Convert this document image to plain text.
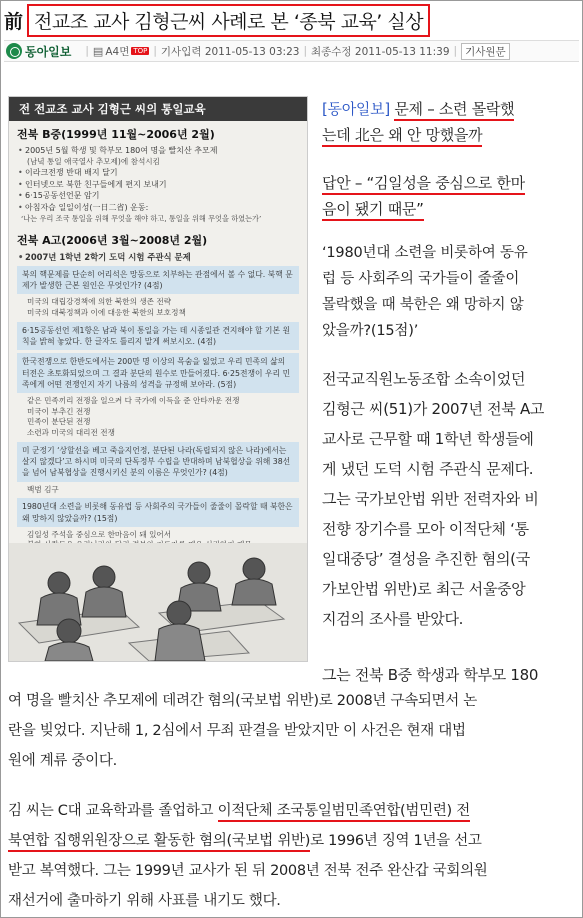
前 전교조 교사 김형근씨 사례로 본 ‘종북 교육’ 실상
동아일보 | ▤ A4면 TOP | 기사입력 2011-05-13 03:23 | 최종수정 2011-05-13 11:39 | 기사원문
전 전교조 교사 김형근 씨의 통일교육
전북 B중(1999년 11월~2006년 2월)
• 2005년 5월 학생 및 학부모 180여 명을 빨치산 추모제
(남녘 통일 애국열사 추모제)에 참석시킴
• 이라크전쟁 반대 배지 달기
• 인터넷으로 북한 친구들에게 편지 보내기
• 6·15공동선언문 암기
• 아침자습 일일이성(一日二省) 운동:
‘나는 우리 조국 통일을 위해 무엇을 해야 하고, 통일을 위해 무엇을 하였는가’
전북 A고(2006년 3월~2008년 2월)
• 2007년 1학년 2학기 도덕 시험 주관식 문제
북의 핵문제를 단순히 어리석은 망동으로 치부하는 관점에서 볼 수 없다. 북핵 문제가 발생한 근본 원인은 무엇인가? (4점)
미국의 대립강경책에 의한 북한의 생존 전략
미국의 대북정책과 이에 대응한 북한의 보호정책
6·15공동선언 제1항은 남과 북이 통일을 가는 데 시종일관 견지해야 할 기본 원칙을 밝혀 놓았다. 한 글자도 틀리지 말게 써보시오. (4점)
한국전쟁으로 한반도에서는 200만 명 이상의 목숨을 잃었고 우리 민족의 삶의 터전은 초토화되었으며 그 결과 분단의 원수로 만들어졌다. 6·25전쟁이 우리 민족에게 어떤 전쟁인지 자기 나름의 성격을 규정해 보아라. (5점)
같은 민족끼리 전쟁을 일으켜 다 국가에 이득을 준 안타까운 전쟁
미국이 부추긴 전쟁
민족이 분단된 전쟁
소련과 미국의 대리전 전쟁
미 군정기 ‘상할선을 베고 죽을지언정, 분단된 나라(독립되지 않은 나라)에서는 살지 않겠다’고 하시며 미국의 단독정부 수립을 반대하며 남북협상을 위해 38선을 넘어 남북협상을 진행시키신 분의 이름은 무엇인가? (4점)
백범 김구
1980년대 소련을 비롯해 동유럽 등 사회주의 국가들이 줄줄이 몰락할 때 북한은 왜 망하지 않았을까? (15점)
김일성 주석을 중심으로 한마음이 돼 있어서
[동아일보] 문제 – 소련 몰락했
는데 北은 왜 안 망했을까
답안 – “김일성을 중심으로 한마
음이 됐기 때문”
‘1980년대 소련을 비롯하여 동유
럽 등 사회주의 국가들이 줄줄이
몰락했을 때 북한은 왜 망하지 않
았을까?(15점)’
전국교직원노동조합 소속이었던
김형근 씨(51)가 2007년 전북 A고
교사로 근무할 때 1학년 학생들에
게 냈던 도덕 시험 주관식 문제다.
그는 국가보안법 위반 전력자와 비
전향 장기수를 모아 이적단체 ‘통
일대중당’ 결성을 추진한 혐의(국
가보안법 위반)로 최근 서울중앙
지검의 조사를 받았다.
그는 전북 B중 학생과 학부모 180
여 명을 빨치산 추모제에 데려간 혐의(국보법 위반)로 2008년 구속되면서 논
란을 빚었다. 지난해 1, 2심에서 무죄 판결을 받았지만 이 사건은 현재 대법
원에 계류 중이다.
김 씨는 C대 교육학과를 졸업하고 이적단체 조국통일범민족연합(범민련) 전
북연합 집행위원장으로 활동한 혐의(국보법 위반)로 1996년 징역 1년을 선고
받고 복역했다. 그는 1999년 교사가 된 뒤 2008년 전북 전주 완산갑 국회의원
재선거에 출마하기 위해 사표를 내기도 했다.
